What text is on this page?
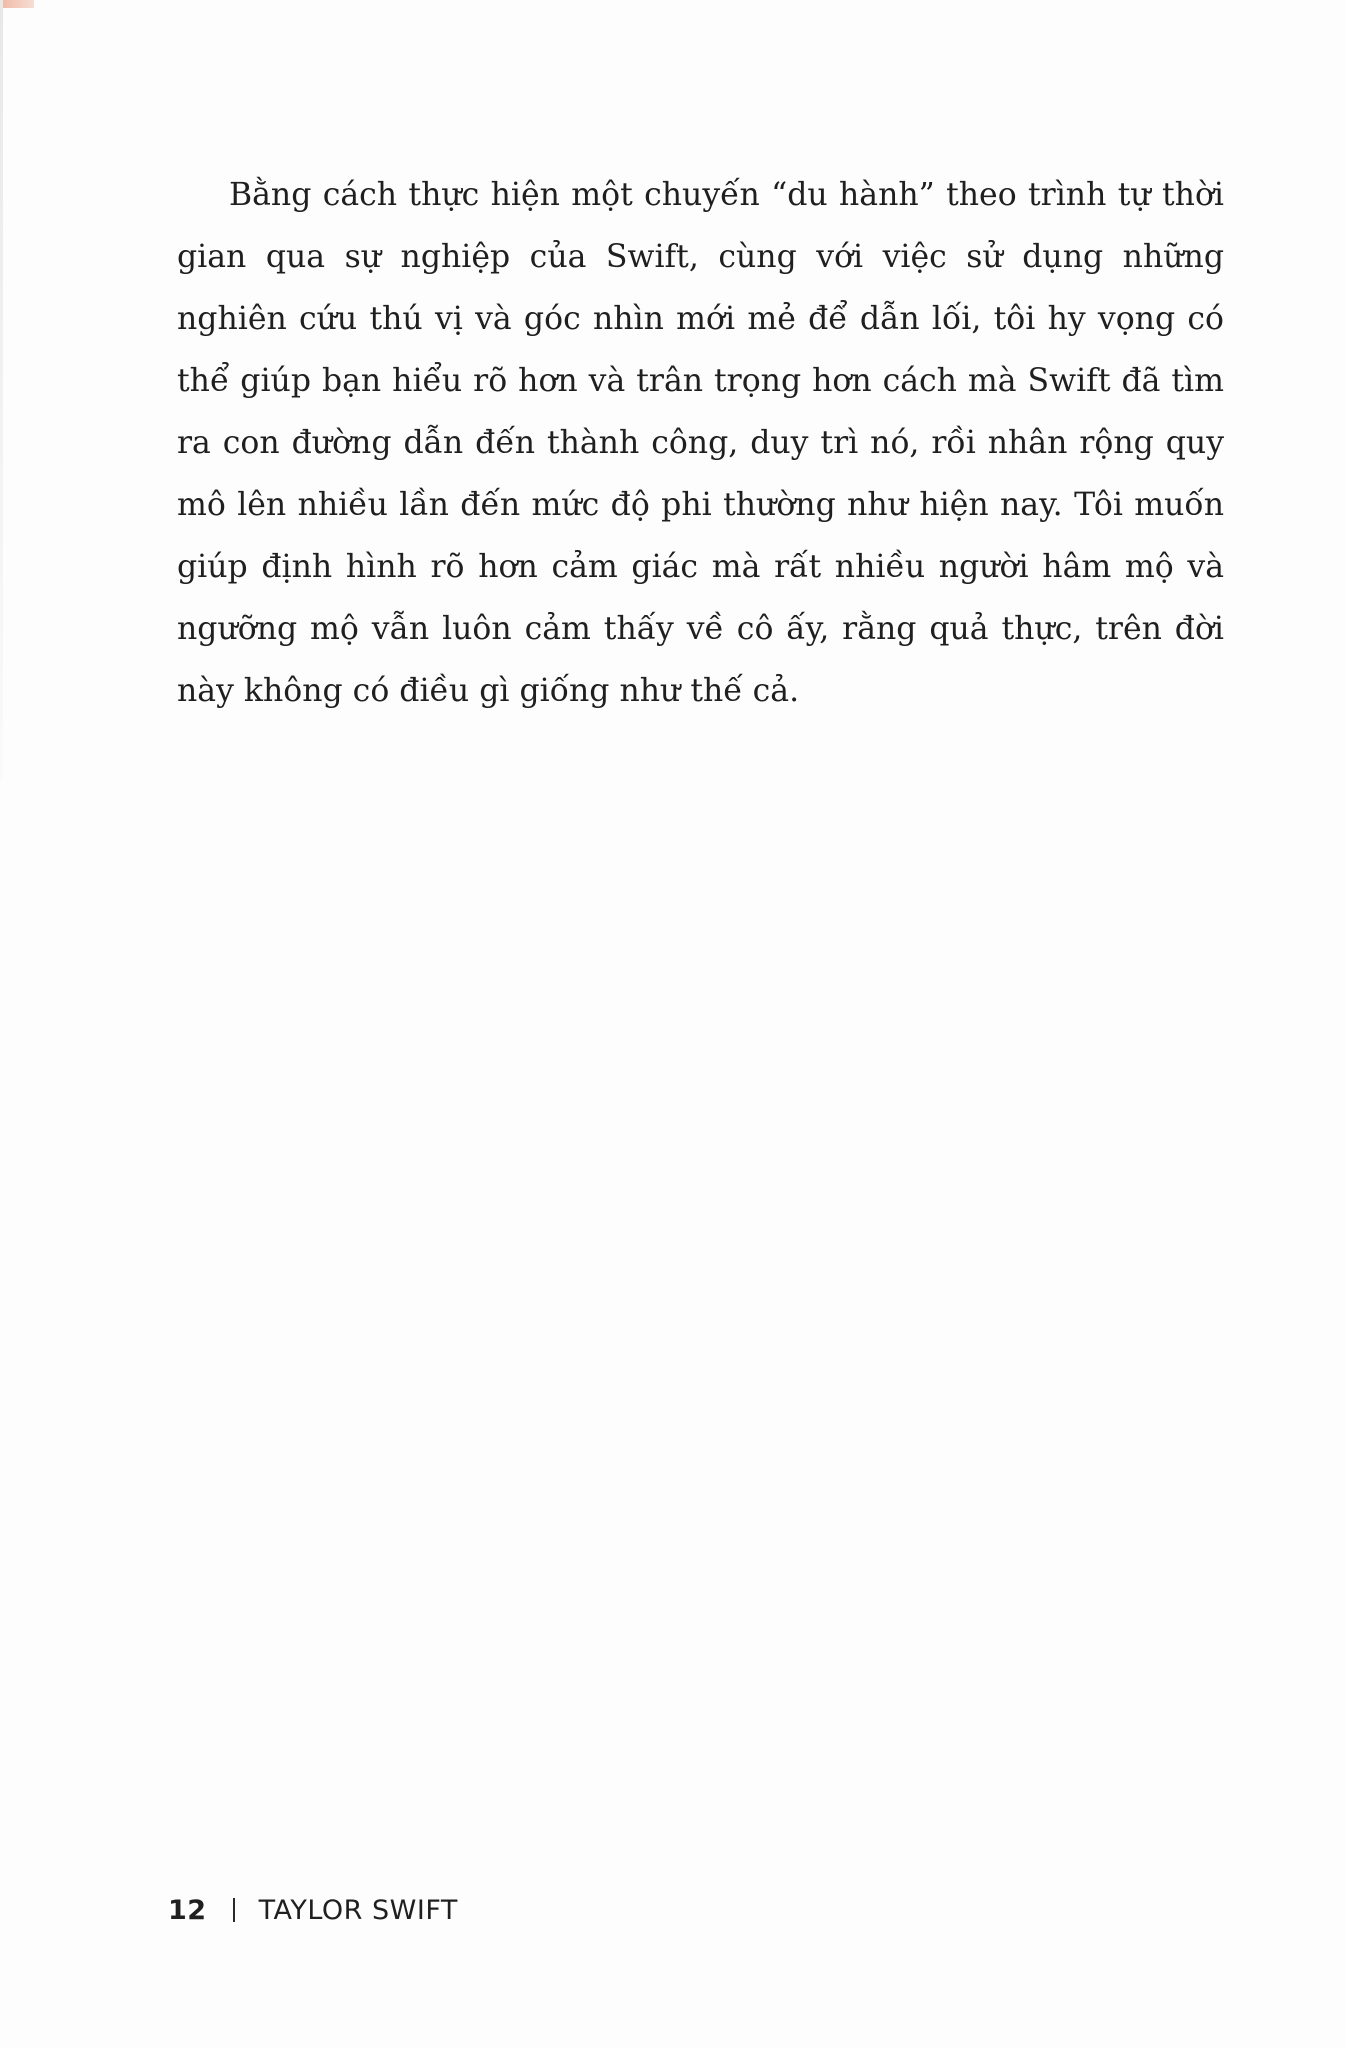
Bằng cách thực hiện một chuyến “du hành” theo trình tự thời gian qua sự nghiệp của Swift, cùng với việc sử dụng những nghiên cứu thú vị và góc nhìn mới mẻ để dẫn lối, tôi hy vọng có thể giúp bạn hiểu rõ hơn và trân trọng hơn cách mà Swift đã tìm ra con đường dẫn đến thành công, duy trì nó, rồi nhân rộng quy mô lên nhiều lần đến mức độ phi thường như hiện nay. Tôi muốn giúp định hình rõ hơn cảm giác mà rất nhiều người hâm mộ và ngưỡng mộ vẫn luôn cảm thấy về cô ấy, rằng quả thực, trên đời này không có điều gì giống như thế cả.

12 TAYLOR SWIFT
